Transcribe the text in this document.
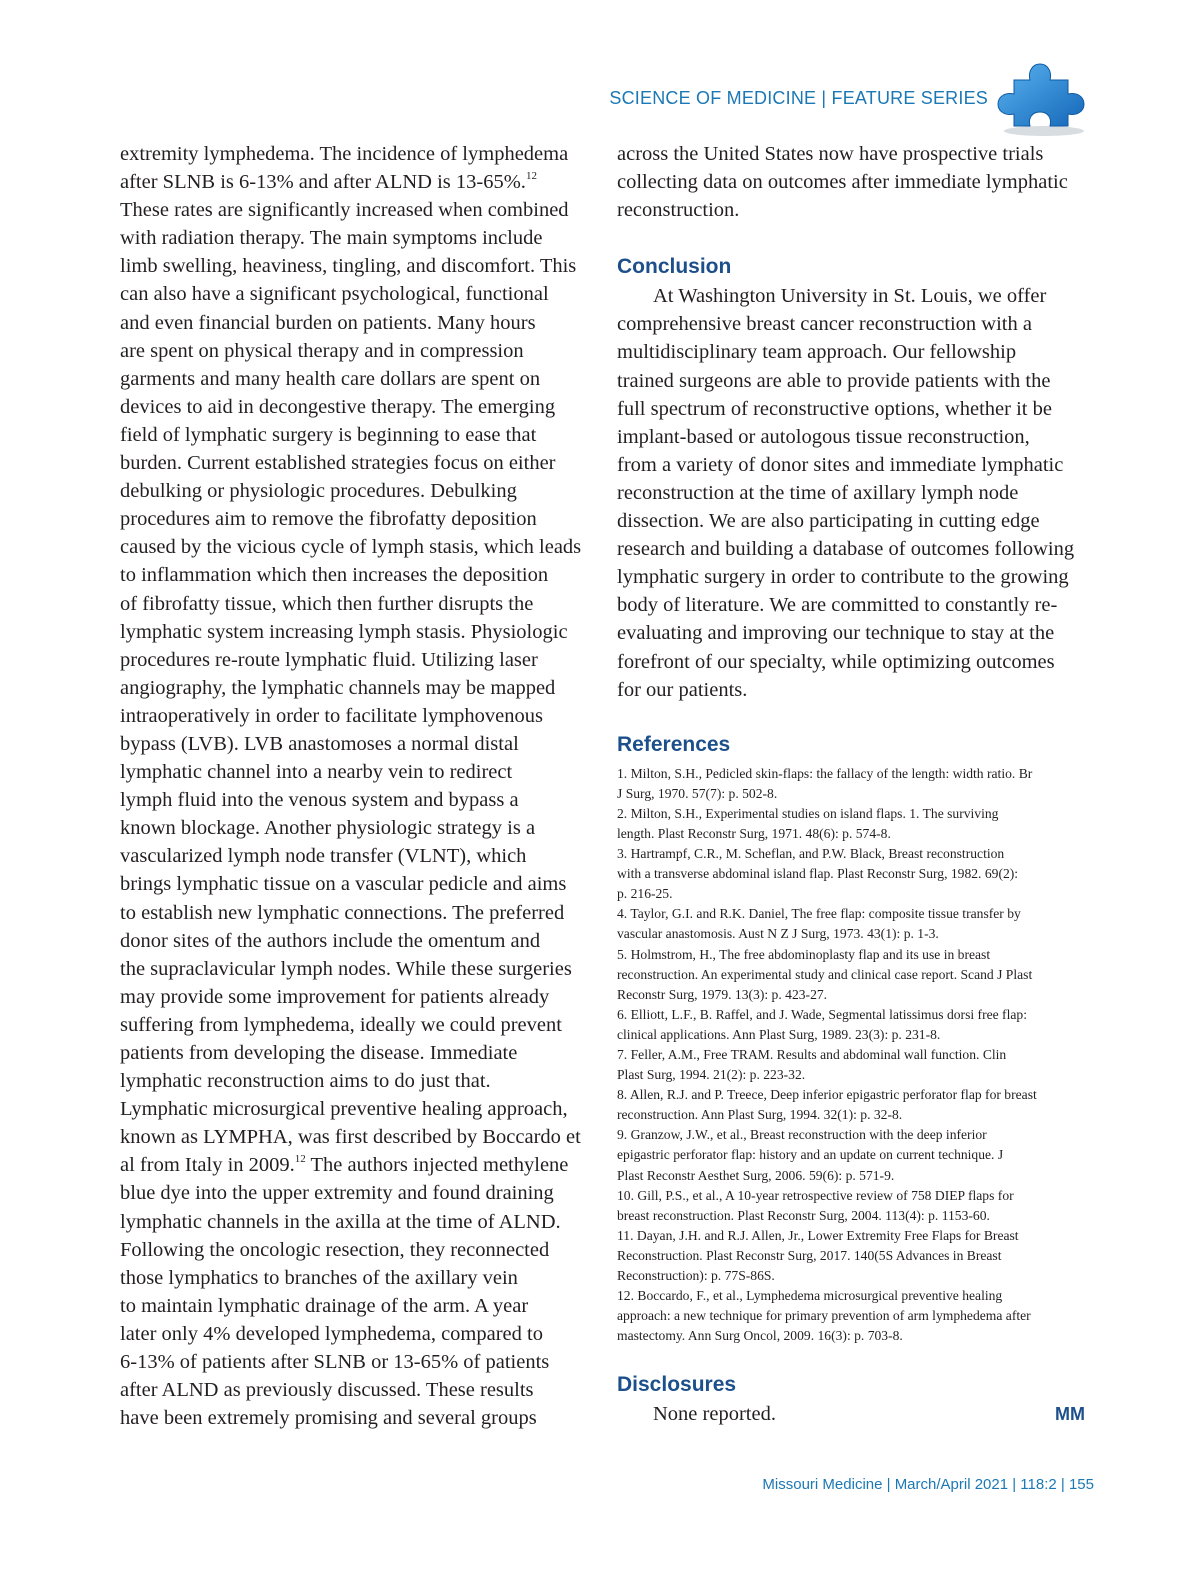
SCIENCE OF MEDICINE | FEATURE SERIES
extremity lymphedema. The incidence of lymphedema
after SLNB is 6-13% and after ALND is 13-65%.$^{12}$
These rates are significantly increased when combined
with radiation therapy. The main symptoms include
limb swelling, heaviness, tingling, and discomfort. This
can also have a significant psychological, functional
and even financial burden on patients. Many hours
are spent on physical therapy and in compression
garments and many health care dollars are spent on
devices to aid in decongestive therapy. The emerging
field of lymphatic surgery is beginning to ease that
burden. Current established strategies focus on either
debulking or physiologic procedures. Debulking
procedures aim to remove the fibrofatty deposition
caused by the vicious cycle of lymph stasis, which leads
to inflammation which then increases the deposition
of fibrofatty tissue, which then further disrupts the
lymphatic system increasing lymph stasis. Physiologic
procedures re-route lymphatic fluid. Utilizing laser
angiography, the lymphatic channels may be mapped
intraoperatively in order to facilitate lymphovenous
bypass (LVB). LVB anastomoses a normal distal
lymphatic channel into a nearby vein to redirect
lymph fluid into the venous system and bypass a
known blockage. Another physiologic strategy is a
vascularized lymph node transfer (VLNT), which
brings lymphatic tissue on a vascular pedicle and aims
to establish new lymphatic connections. The preferred
donor sites of the authors include the omentum and
the supraclavicular lymph nodes. While these surgeries
may provide some improvement for patients already
suffering from lymphedema, ideally we could prevent
patients from developing the disease. Immediate
lymphatic reconstruction aims to do just that.
Lymphatic microsurgical preventive healing approach,
known as LYMPHA, was first described by Boccardo et
al from Italy in 2009.12 The authors injected methylene
blue dye into the upper extremity and found draining
lymphatic channels in the axilla at the time of ALND.
Following the oncologic resection, they reconnected
those lymphatics to branches of the axillary vein
to maintain lymphatic drainage of the arm. A year
later only 4% developed lymphedema, compared to
6-13% of patients after SLNB or 13-65% of patients
after ALND as previously discussed. These results
have been extremely promising and several groups
across the United States now have prospective trials
collecting data on outcomes after immediate lymphatic
reconstruction.
Conclusion
At Washington University in St. Louis, we offer
comprehensive breast cancer reconstruction with a
multidisciplinary team approach. Our fellowship
trained surgeons are able to provide patients with the
full spectrum of reconstructive options, whether it be
implant-based or autologous tissue reconstruction,
from a variety of donor sites and immediate lymphatic
reconstruction at the time of axillary lymph node
dissection. We are also participating in cutting edge
research and building a database of outcomes following
lymphatic surgery in order to contribute to the growing
body of literature. We are committed to constantly re-
evaluating and improving our technique to stay at the
forefront of our specialty, while optimizing outcomes
for our patients.
References
1. Milton, S.H., Pedicled skin-flaps: the fallacy of the length: width ratio. Br
J Surg, 1970. 57(7): p. 502-8.
2. Milton, S.H., Experimental studies on island flaps. 1. The surviving
length. Plast Reconstr Surg, 1971. 48(6): p. 574-8.
3. Hartrampf, C.R., M. Scheflan, and P.W. Black, Breast reconstruction
with a transverse abdominal island flap. Plast Reconstr Surg, 1982. 69(2):
p. 216-25.
4. Taylor, G.I. and R.K. Daniel, The free flap: composite tissue transfer by
vascular anastomosis. Aust N Z J Surg, 1973. 43(1): p. 1-3.
5. Holmstrom, H., The free abdominoplasty flap and its use in breast
reconstruction. An experimental study and clinical case report. Scand J Plast
Reconstr Surg, 1979. 13(3): p. 423-27.
6. Elliott, L.F., B. Raffel, and J. Wade, Segmental latissimus dorsi free flap:
clinical applications. Ann Plast Surg, 1989. 23(3): p. 231-8.
7. Feller, A.M., Free TRAM. Results and abdominal wall function. Clin
Plast Surg, 1994. 21(2): p. 223-32.
8. Allen, R.J. and P. Treece, Deep inferior epigastric perforator flap for breast
reconstruction. Ann Plast Surg, 1994. 32(1): p. 32-8.
9. Granzow, J.W., et al., Breast reconstruction with the deep inferior
epigastric perforator flap: history and an update on current technique. J
Plast Reconstr Aesthet Surg, 2006. 59(6): p. 571-9.
10. Gill, P.S., et al., A 10-year retrospective review of 758 DIEP flaps for
breast reconstruction. Plast Reconstr Surg, 2004. 113(4): p. 1153-60.
11. Dayan, J.H. and R.J. Allen, Jr., Lower Extremity Free Flaps for Breast
Reconstruction. Plast Reconstr Surg, 2017. 140(5S Advances in Breast
Reconstruction): p. 77S-86S.
12. Boccardo, F., et al., Lymphedema microsurgical preventive healing
approach: a new technique for primary prevention of arm lymphedema after
mastectomy. Ann Surg Oncol, 2009. 16(3): p. 703-8.
Disclosures
None reported.	MM
Missouri Medicine | March/April 2021 | 118:2 | 155
